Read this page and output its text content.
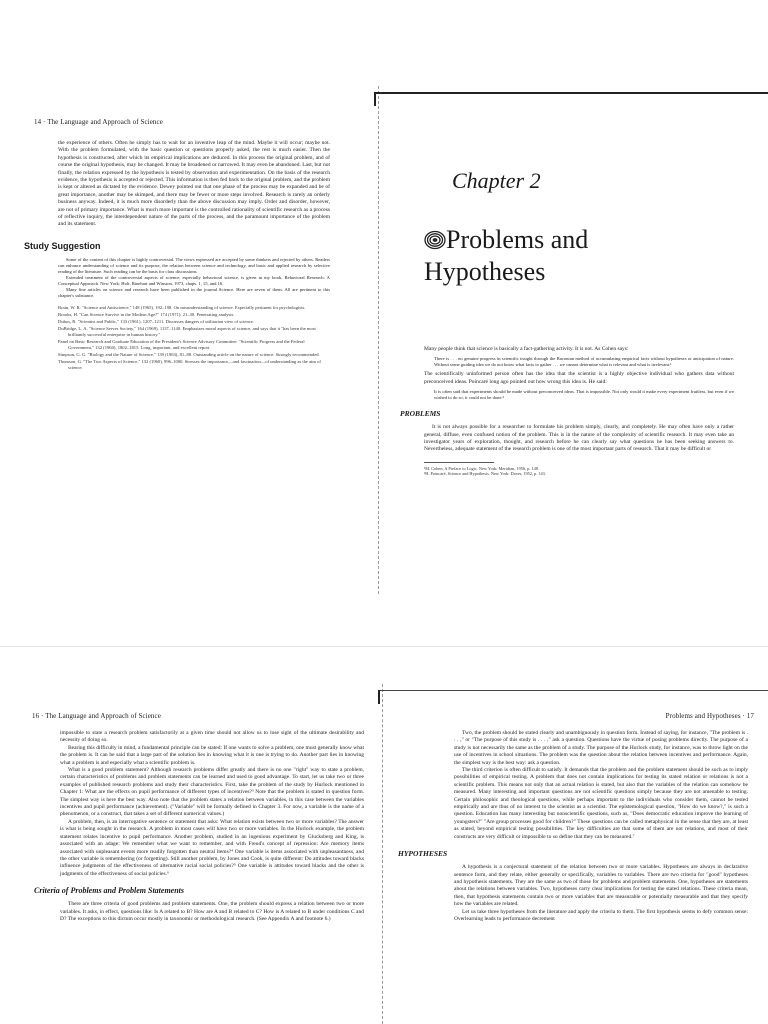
14 · The Language and Approach of Science

the experience of others. Often he simply has to wait for an inventive leap of the mind. Maybe it will occur; maybe not. With the problem formulated, with the basic question or questions properly asked, the rest is much easier. Then the hypothesis is constructed, after which its empirical implications are deduced. In this process the original problem, and of course the original hypothesis, may be changed. It may be broadened or narrowed. It may even be abandoned. Last, but not finally, the relation expressed by the hypothesis is tested by observation and experimentation. On the basis of the research evidence, the hypothesis is accepted or rejected. This information is then fed back to the original problem, and the problem is kept or altered as dictated by the evidence. Dewey pointed out that one phase of the process may be expanded and be of great importance, another may be skimped, and there may be fewer or more steps involved. Research is rarely an orderly business anyway. Indeed, it is much more disorderly than the above discussion may imply. Order and disorder, however, are not of primary importance. What is much more important is the controlled rationality of scientific research as a process of reflective inquiry, the interdependent nature of the parts of the process, and the paramount importance of the problem and its statement.

Study Suggestion

Some of the content of this chapter is highly controversial. The views expressed are accepted by some thinkers and rejected by others. Readers can enhance understanding of science and its purpose, the relation between science and technology, and basic and applied research by selective reading of the literature. Such reading can be the basis for class discussions.

Extended treatment of the controversial aspects of science, especially behavioral science, is given in my book, Behavioral Research: A Conceptual Approach. New York: Holt, Rinehart and Winston, 1973, chaps. 1, 15, and 16.

Many fine articles on science and research have been published in the journal Science. Here are seven of them. All are pertinent to this chapter's substance.

Brain, W. R. "Science and Antiscience," 148 (1965), 192–198. On misunderstanding of science. Especially pertinent for psychologists.
Brooks, H. "Can Science Survive in the Modern Age?" 174 (1971), 21–30. Penetrating analysis.
Dubos, R. "Scientist and Public," 133 (1961), 1207–1211. Discusses dangers of utilitarian view of science.
DuBridge, L. A. "Science Serves Society," 164 (1969), 1137–1140. Emphasizes moral aspects of science, and says that it "has been the most brilliantly successful enterprise in human history."
Panel on Basic Research and Graduate Education of the President's Science Advisory Committee. "Scientific Progress and the Federal Government," 132 (1960), 1802–1815. Long, important, and excellent report.
Simpson, G. G. "Biology and the Nature of Science," 139 (1963), 81–88. Outstanding article on the nature of science. Strongly recommended.
Thomson, G. "The Two Aspects of Science," 132 (1960), 996–1000. Stresses the importance—and fascination—of understanding as the aim of science.
Chapter 2
Problems and
Hypotheses

Many people think that science is basically a fact-gathering activity. It is not. As Cohen says:

There is . . . no genuine progress in scientific insight through the Baconian method of accumulating empirical facts without hypotheses or anticipation of nature. Without some guiding idea we do not know what facts to gather . . . we cannot determine what is relevant and what is irrelevant.¹

The scientifically uninformed person often has the idea that the scientist is a highly objective individual who gathers data without preconceived ideas. Poincaré long ago pointed out how wrong this idea is. He said:

It is often said that experiments should be made without preconceived ideas. That is impossible. Not only would it make every experiment fruitless, but even if we wished to do so, it could not be done.²

PROBLEMS

It is not always possible for a researcher to formulate his problem simply, clearly, and completely. He may often have only a rather general, diffuse, even confused notion of the problem. This is in the nature of the complexity of scientific research. It may even take an investigator years of exploration, thought, and research before he can clearly say what questions he has been seeking answers to. Nevertheless, adequate statement of the research problem is one of the most important parts of research. That it may be difficult or

¹M. Cohen, A Preface to Logic. New York: Meridian, 1956, p. 148.
²H. Poincaré, Science and Hypothesis. New York: Dover, 1952, p. 143.
16 · The Language and Approach of Science

impossible to state a research problem satisfactorily at a given time should not allow us to lose sight of the ultimate desirability and necessity of doing so.

Bearing this difficulty in mind, a fundamental principle can be stated: If one wants to solve a problem, one must generally know what the problem is. It can be said that a large part of the solution lies in knowing what it is one is trying to do. Another part lies in knowing what a problem is and especially what a scientific problem is.

What is a good problem statement? Although research problems differ greatly and there is no one "right" way to state a problem, certain characteristics of problems and problem statements can be learned and used to good advantage. To start, let us take two or three examples of published research problems and study their characteristics. First, take the problem of the study by Hurlock mentioned in Chapter 1: What are the effects on pupil performance of different types of incentives?³ Note that the problem is stated in question form. The simplest way is here the best way. Also note that the problem states a relation between variables, in this case between the variables incentives and pupil performance (achievement). ("Variable" will be formally defined in Chapter 3. For now, a variable is the name of a phenomenon, or a construct, that takes a set of different numerical values.)

A problem, then, is an interrogative sentence or statement that asks: What relation exists between two or more variables? The answer is what is being sought in the research. A problem in most cases will have two or more variables. In the Hurlock example, the problem statement relates incentive to pupil performance. Another problem, studied in an ingenious experiment by Glucksberg and King, is associated with an adage: We remember what we want to remember, and with Freud's concept of repression: Are memory items associated with unpleasant events more readily forgotten than neutral items?⁴ One variable is items associated with unpleasantness, and the other variable is remembering (or forgetting). Still another problem, by Jones and Cook, is quite different: Do attitudes toward blacks influence judgments of the effectiveness of alternative racial social policies?⁵ One variable is attitudes toward blacks and the other is judgments of the effectiveness of social policies.⁶

Criteria of Problems and Problem Statements

There are three criteria of good problems and problem statements. One, the problem should express a relation between two or more variables. It asks, in effect, questions like: Is A related to B? How are A and B related to C? How is A related to B under conditions C and D? The exceptions to this dictum occur mostly in taxonomic or methodological research. (See Appendix A and footnote 6.)

Problems and Hypotheses · 17

Two, the problem should be stated clearly and unambiguously in question form. Instead of saying, for instance, "The problem is . . . ," or "The purpose of this study is . . . ," ask a question. Questions have the virtue of posing problems directly. The purpose of a study is not necessarily the same as the problem of a study. The purpose of the Hurlock study, for instance, was to throw light on the use of incentives in school situations. The problem was the question about the relation between incentives and performance. Again, the simplest way is the best way: ask a question.

The third criterion is often difficult to satisfy. It demands that the problem and the problem statement should be such as to imply possibilities of empirical testing. A problem that does not contain implications for testing its stated relation or relations is not a scientific problem. This means not only that an actual relation is stated, but also that the variables of the relation can somehow be measured. Many interesting and important questions are not scientific questions simply because they are not amenable to testing. Certain philosophic and theological questions, while perhaps important to the individuals who consider them, cannot be tested empirically and are thus of no interest to the scientist as a scientist. The epistemological question, "How do we know?," is such a question. Education has many interesting but nonscientific questions, such as, "Does democratic education improve the learning of youngsters?" "Are group processes good for children?" These questions can be called metaphysical in the sense that they are, at least as stated, beyond empirical testing possibilities. The key difficulties are that some of them are not relations, and most of their constructs are very difficult or impossible to so define that they can be measured.⁷

HYPOTHESES

A hypothesis is a conjectural statement of the relation between two or more variables. Hypotheses are always in declarative sentence form, and they relate, either generally or specifically, variables to variables. There are two criteria for "good" hypotheses and hypothesis statements. They are the same as two of those for problems and problem statements. One, hypotheses are statements about the relations between variables. Two, hypotheses carry clear implications for testing the stated relations. These criteria mean, then, that hypothesis statements contain two or more variables that are measurable or potentially measurable and that they specify how the variables are related.

Let us take three hypotheses from the literature and apply the criteria to them. The first hypothesis seems to defy common sense: Overlearning leads to performance decrement
